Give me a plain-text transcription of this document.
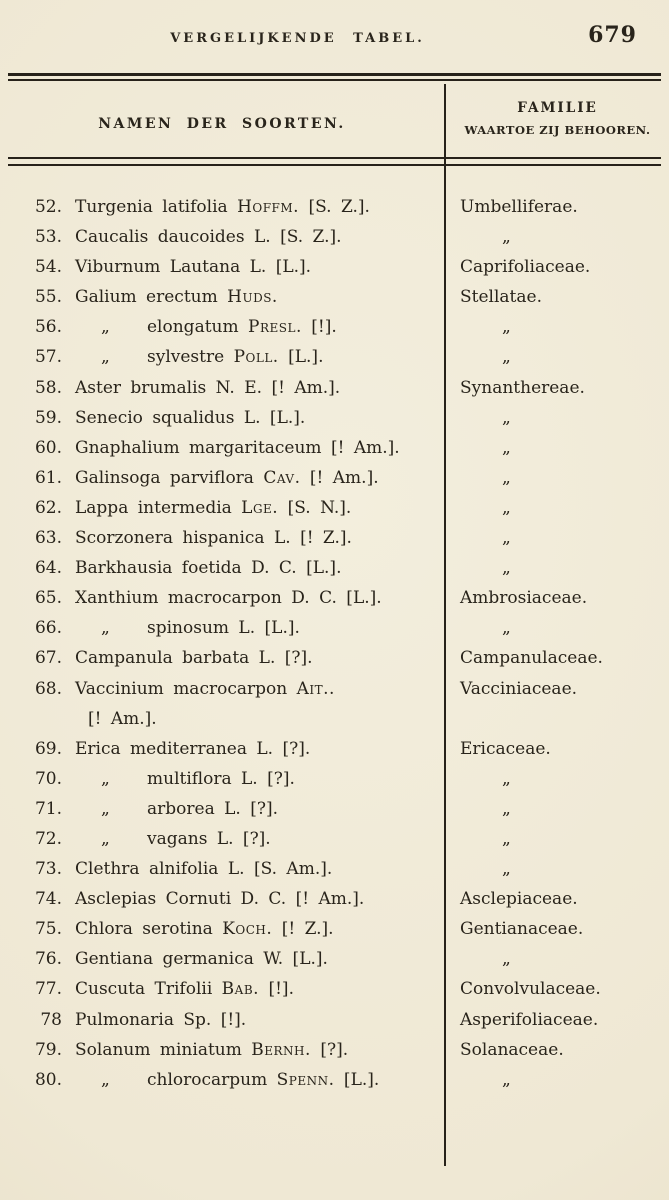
VERGELIJKENDE TABEL.	679
NAMEN DER SOORTEN.
FAMILIE
WAARTOE ZIJ BEHOOREN.
52. Turgenia latifolia Hoffm. [S. Z.].	Umbelliferae.
53. Caucalis daucoides L. [S. Z.].	„
54. Viburnum Lautana L. [L.].	Caprifoliaceae.
55. Galium erectum Huds.	Stellatae.
56.	„ elongatum Presl. [!].	„
57.	„ sylvestre Poll. [L.].	„
58. Aster brumalis N. E. [! Am.].	Synanthereae.
59. Senecio squalidus L. [L.].	„
60. Gnaphalium margaritaceum [! Am.].	„
61. Galinsoga parviflora Cav. [! Am.].	„
62. Lappa intermedia Lge. [S. N.].	„
63. Scorzonera hispanica L. [! Z.].	„
64. Barkhausia foetida D. C. [L.].	„
65. Xanthium macrocarpon D. C. [L.].	Ambrosiaceae.
66.	„ spinosum L. [L.].	„
67. Campanula barbata L. [?].	Campanulaceae.
68. Vaccinium macrocarpon Ait..	Vacciniaceae.
[! Am.].
69. Erica mediterranea L. [?].	Ericaceae.
70.	„ multiflora L. [?].	„
71.	„ arborea L. [?].	„
72.	„ vagans L. [?].	„
73. Clethra alnifolia L. [S. Am.].	„
74. Asclepias Cornuti D. C. [! Am.].	Asclepiaceae.
75. Chlora serotina Koch. [! Z.].	Gentianaceae.
76. Gentiana germanica W. [L.].	„
77. Cuscuta Trifolii Bab. [!].	Convolvulaceae.
78 Pulmonaria Sp. [!].	Asperifoliaceae.
79. Solanum miniatum Bernh. [?].	Solanaceae.
80.	„ chlorocarpum Spenn. [L.].	„
